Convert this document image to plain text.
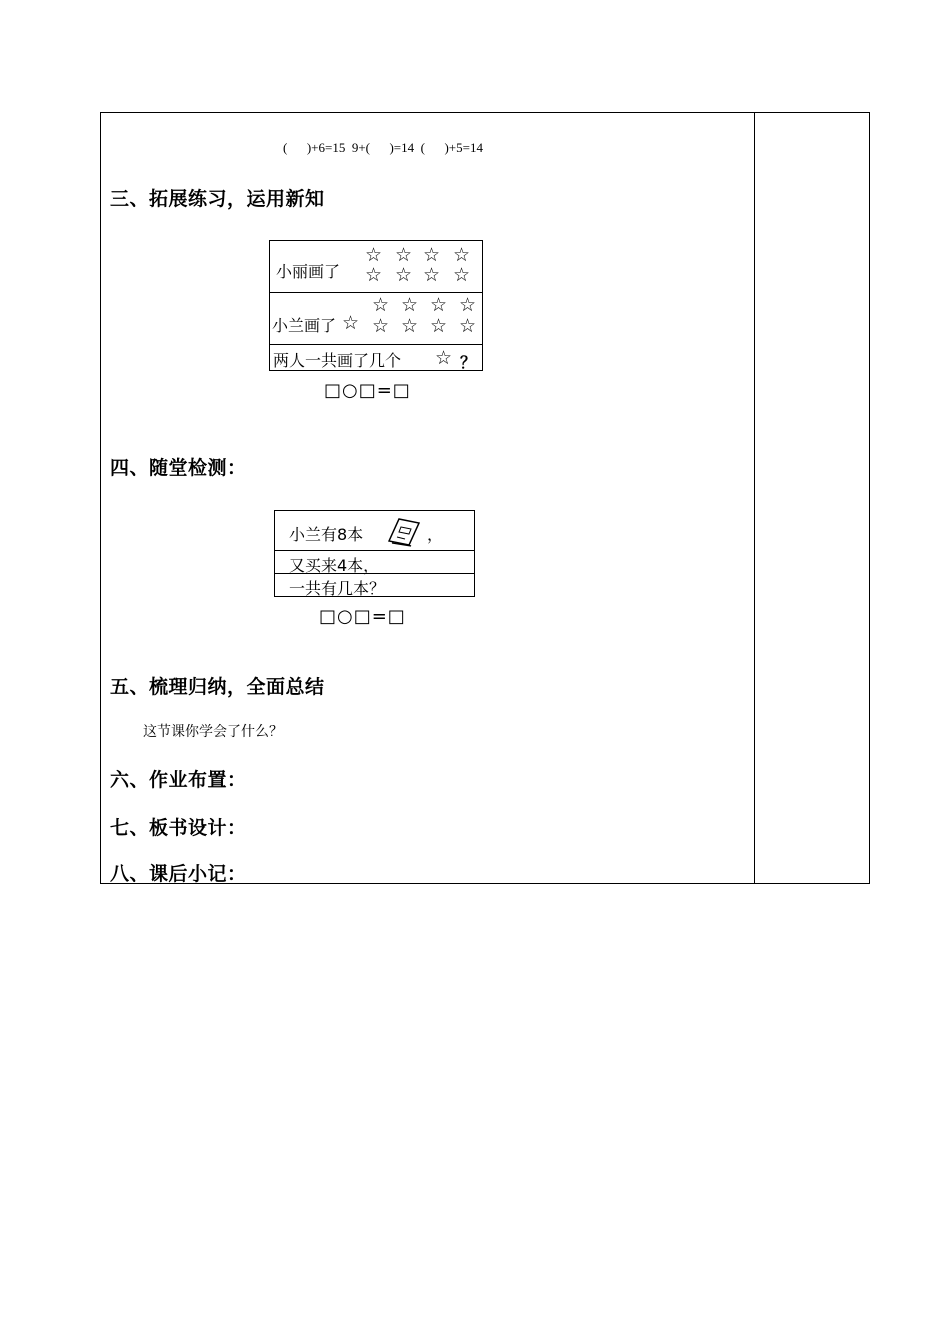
(      )+6=15  9+(      )=14  (      )+5=14
三、拓展练习，运用新知
小丽画了
☆ ☆ ☆ ☆
☆ ☆ ☆ ☆
小兰画了 ☆
☆ ☆ ☆ ☆
☆ ☆ ☆ ☆
两人一共画了几个 ☆ ？
□○□=□
四、随堂检测：
小兰有8本	，
又买来4本，
一共有几本？
□○□=□
五、梳理归纳，全面总结
这节课你学会了什么？
六、作业布置：
七、板书设计：
八、课后小记：
